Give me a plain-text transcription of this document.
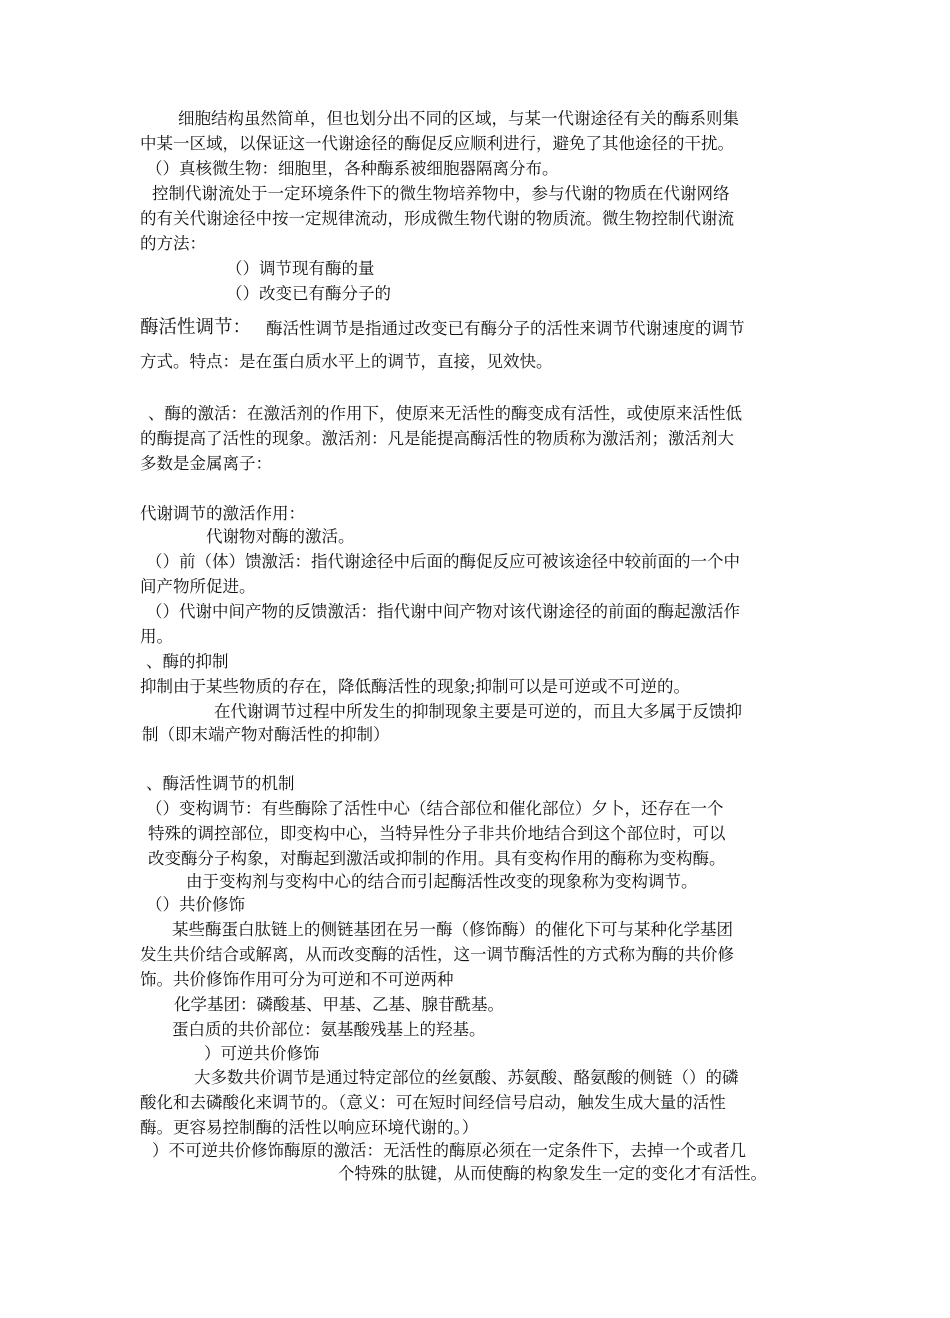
细胞结构虽然简单，但也划分出不同的区域，与某一代谢途径有关的酶系则集
中某一区域，以保证这一代谢途径的酶促反应顺利进行，避免了其他途径的干扰。
（）真核微生物：细胞里，各种酶系被细胞器隔离分布。
控制代谢流处于一定环境条件下的微生物培养物中，参与代谢的物质在代谢网络
的有关代谢途径中按一定规律流动，形成微生物代谢的物质流。微生物控制代谢流
的方法：
（）调节现有酶的量
（）改变已有酶分子的
酶活性调节： 酶活性调节是指通过改变已有酶分子的活性来调节代谢速度的调节
方式。特点：是在蛋白质水平上的调节，直接，见效快。
、酶的激活：在激活剂的作用下，使原来无活性的酶变成有活性，或使原来活性低
的酶提高了活性的现象。激活剂：凡是能提高酶活性的物质称为激活剂；激活剂大
多数是金属离子：
代谢调节的激活作用：
代谢物对酶的激活。
（）前（体）馈激活：指代谢途径中后面的酶促反应可被该途径中较前面的一个中
间产物所促进。
（）代谢中间产物的反馈激活：指代谢中间产物对该代谢途径的前面的酶起激活作
用。
、酶的抑制
抑制由于某些物质的存在，降低酶活性的现象;抑制可以是可逆或不可逆的。
在代谢调节过程中所发生的抑制现象主要是可逆的，而且大多属于反馈抑
制（即末端产物对酶活性的抑制）
、酶活性调节的机制
（）变构调节：有些酶除了活性中心（结合部位和催化部位）夕卜，还存在一个
特殊的调控部位，即变构中心，当特异性分子非共价地结合到这个部位时，可以
改变酶分子构象，对酶起到激活或抑制的作用。具有变构作用的酶称为变构酶。
由于变构剂与变构中心的结合而引起酶活性改变的现象称为变构调节。
（）共价修饰
某些酶蛋白肽链上的侧链基团在另一酶（修饰酶）的催化下可与某种化学基团
发生共价结合或解离，从而改变酶的活性，这一调节酶活性的方式称为酶的共价修
饰。共价修饰作用可分为可逆和不可逆两种
化学基团：磷酸基、甲基、乙基、腺苷酰基。
蛋白质的共价部位：氨基酸残基上的羟基。
）可逆共价修饰
大多数共价调节是通过特定部位的丝氨酸、苏氨酸、酪氨酸的侧链（）的磷
酸化和去磷酸化来调节的。（意义：可在短时间经信号启动，触发生成大量的活性
酶。更容易控制酶的活性以响应环境代谢的。）
）不可逆共价修饰酶原的激活：无活性的酶原必须在一定条件下，去掉一个或者几
个特殊的肽键，从而使酶的构象发生一定的变化才有活性。
